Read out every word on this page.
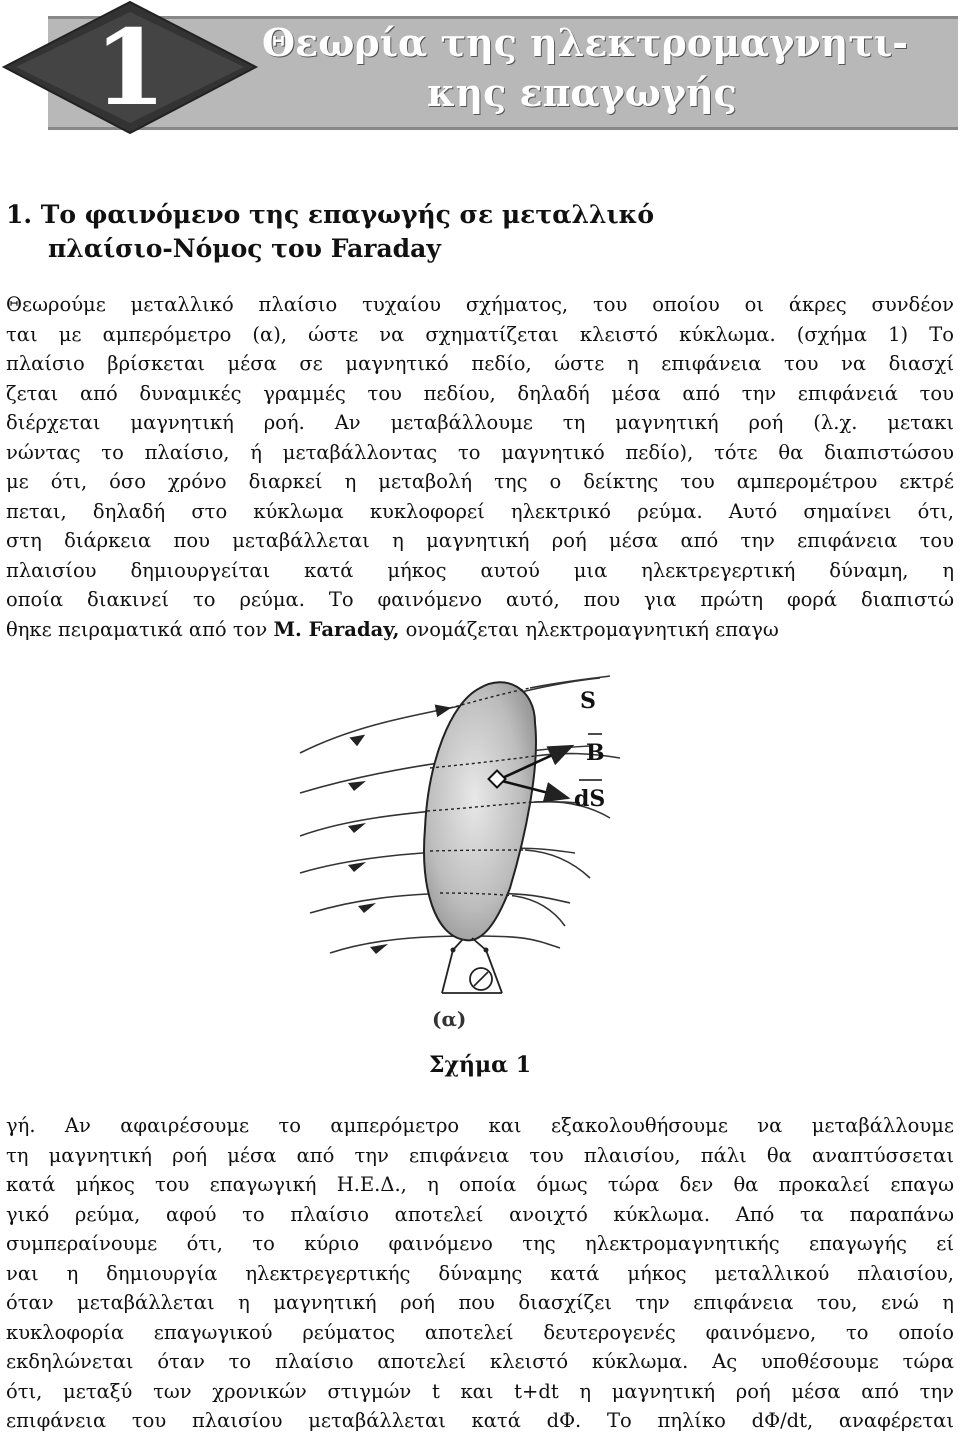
1	Θεωρία της ηλεκτρομαγνητι-
κης επαγωγής
1. Το φαινόμενο της επαγωγής σε μεταλλικό
πλαίσιο-Νόμος του Faraday
Θεωρούμε μεταλλικό πλαίσιο τυχαίου σχήματος, του οποίου οι άκρες συνδέον
ται με αμπερόμετρο (α), ώστε να σχηματίζεται κλειστό κύκλωμα. (σχήμα 1) Το
πλαίσιο βρίσκεται μέσα σε μαγνητικό πεδίο, ώστε η επιφάνεια του να διασχί
ζεται από δυναμικές γραμμές του πεδίου, δηλαδή μέσα από την επιφάνειά του
διέρχεται μαγνητική ροή. Αν μεταβάλλουμε τη μαγνητική ροή (λ.χ. μετακι
νώντας το πλαίσιο, ή μεταβάλλοντας το μαγνητικό πεδίο), τότε θα διαπιστώσου
με ότι, όσο χρόνο διαρκεί η μεταβολή της ο δείκτης του αμπερομέτρου εκτρέ
πεται, δηλαδή στο κύκλωμα κυκλοφορεί ηλεκτρικό ρεύμα. Αυτό σημαίνει ότι,
στη διάρκεια που μεταβάλλεται η μαγνητική ροή μέσα από την επιφάνεια του
πλαισίου δημιουργείται κατά μήκος αυτού μια ηλεκτρεγερτική δύναμη, η
οποία διακινεί το ρεύμα. Το φαινόμενο αυτό, που για πρώτη φορά διαπιστώ
θηκε πειραματικά από τον M. Faraday, ονομάζεται ηλεκτρομαγνητική επαγω
S
B
dS
(α)
Σχήμα 1
γή. Αν αφαιρέσουμε το αμπερόμετρο και εξακολουθήσουμε να μεταβάλλουμε
τη μαγνητική ροή μέσα από την επιφάνεια του πλαισίου, πάλι θα αναπτύσσεται
κατά μήκος του επαγωγική Η.Ε.Δ., η οποία όμως τώρα δεν θα προκαλεί επαγω
γικό ρεύμα, αφού το πλαίσιο αποτελεί ανοιχτό κύκλωμα. Από τα παραπάνω
συμπεραίνουμε ότι, το κύριο φαινόμενο της ηλεκτρομαγνητικής επαγωγής εί
ναι η δημιουργία ηλεκτρεγερτικής δύναμης κατά μήκος μεταλλικού πλαισίου,
όταν μεταβάλλεται η μαγνητική ροή που διασχίζει την επιφάνεια του, ενώ η
κυκλοφορία επαγωγικού ρεύματος αποτελεί δευτερογενές φαινόμενο, το οποίο
εκδηλώνεται όταν το πλαίσιο αποτελεί κλειστό κύκλωμα. Ας υποθέσουμε τώρα
ότι, μεταξύ των χρονικών στιγμών t και t+dt η μαγνητική ροή μέσα από την
επιφάνεια του πλαισίου μεταβάλλεται κατά dΦ. Το πηλίκο dΦ/dt, αναφέρεται
